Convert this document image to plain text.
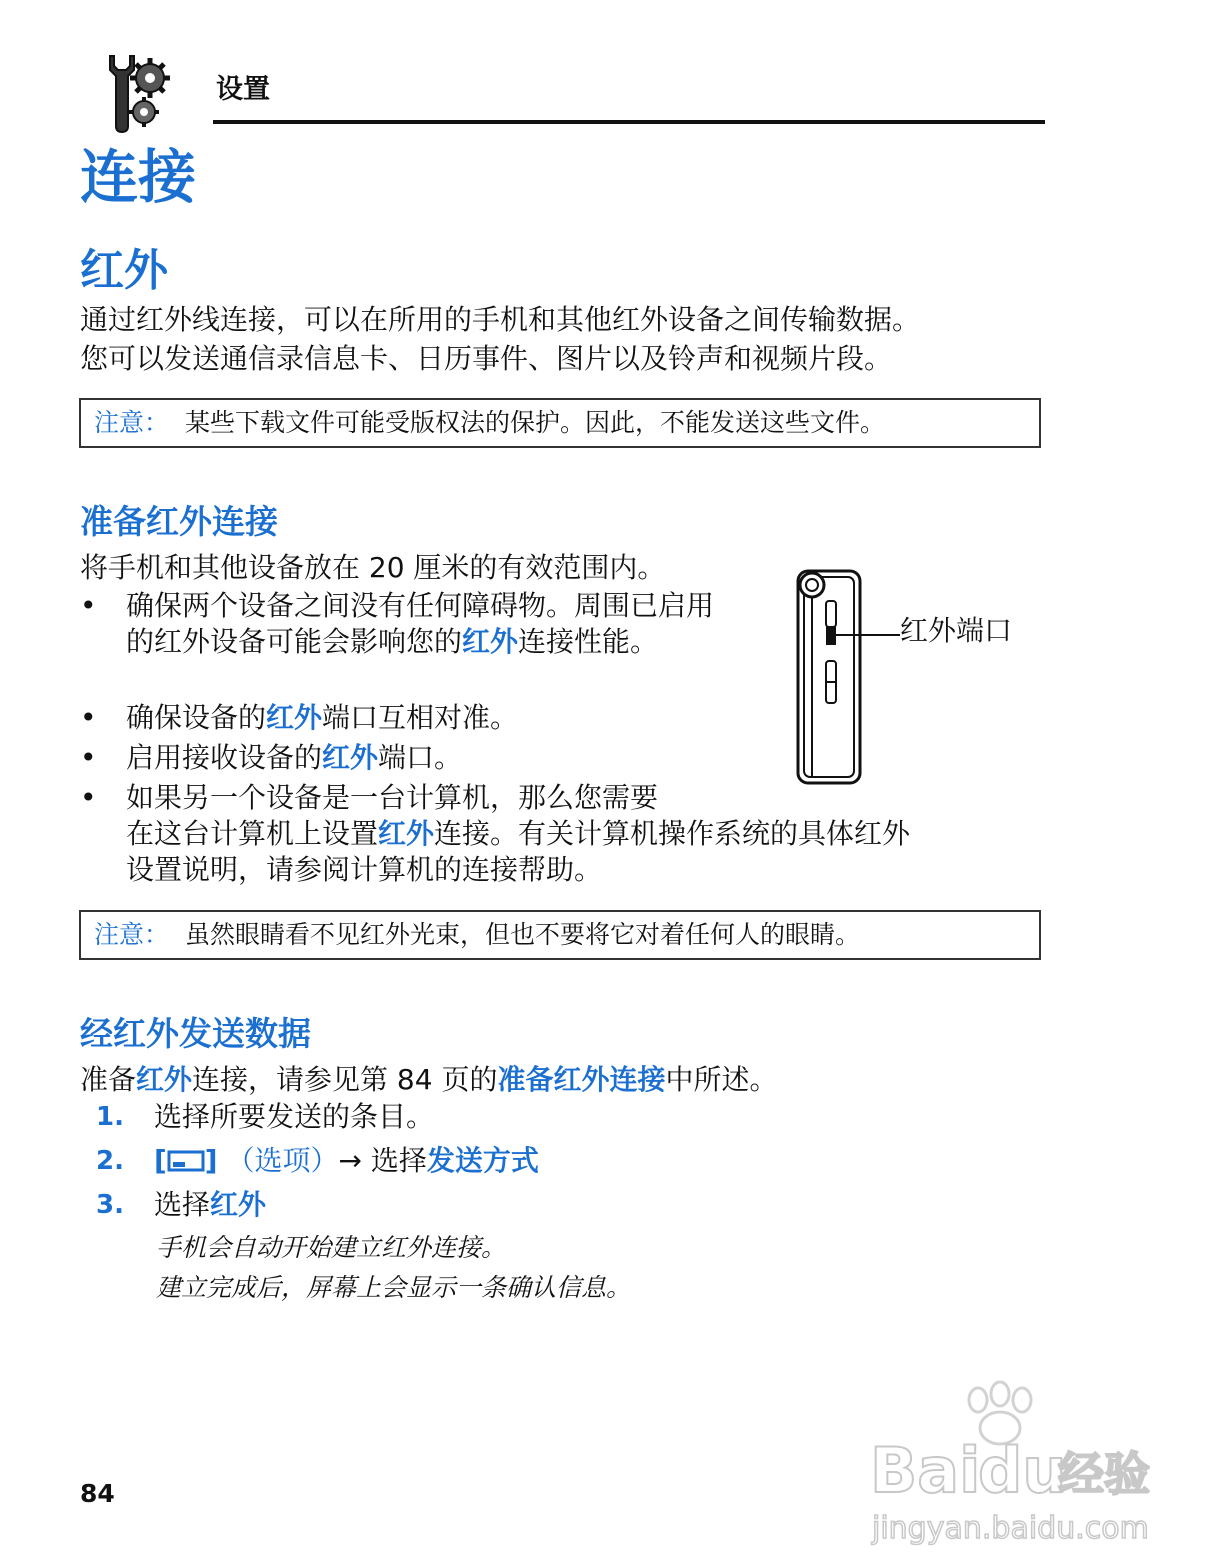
设置
连接
红外
通过红外线连接，可以在所用的手机和其他红外设备之间传输数据。
您可以发送通信录信息卡、日历事件、图片以及铃声和视频片段。
注意： 某些下载文件可能受版权法的保护。因此，不能发送这些文件。
准备红外连接
将手机和其他设备放在 20 厘米的有效范围内。
• 确保两个设备之间没有任何障碍物。周围已启用的红外设备可能会影响您的红外连接性能。
• 确保设备的红外端口互相对准。
• 启用接收设备的红外端口。
• 如果另一个设备是一台计算机，那么您需要
在这台计算机上设置红外连接。有关计算机操作系统的具体红外
设置说明，请参阅计算机的连接帮助。
红外端口
注意： 虽然眼睛看不见红外光束，但也不要将它对着任何人的眼睛。
经红外发送数据
准备红外连接，请参见第 84 页的准备红外连接中所述。
1. 选择所要发送的条目。
2. [ ] （选项）→ 选择发送方式
3. 选择红外
手机会自动开始建立红外连接。
建立完成后，屏幕上会显示一条确认信息。
84	Bai
du
经验
jingyan.baidu.com
